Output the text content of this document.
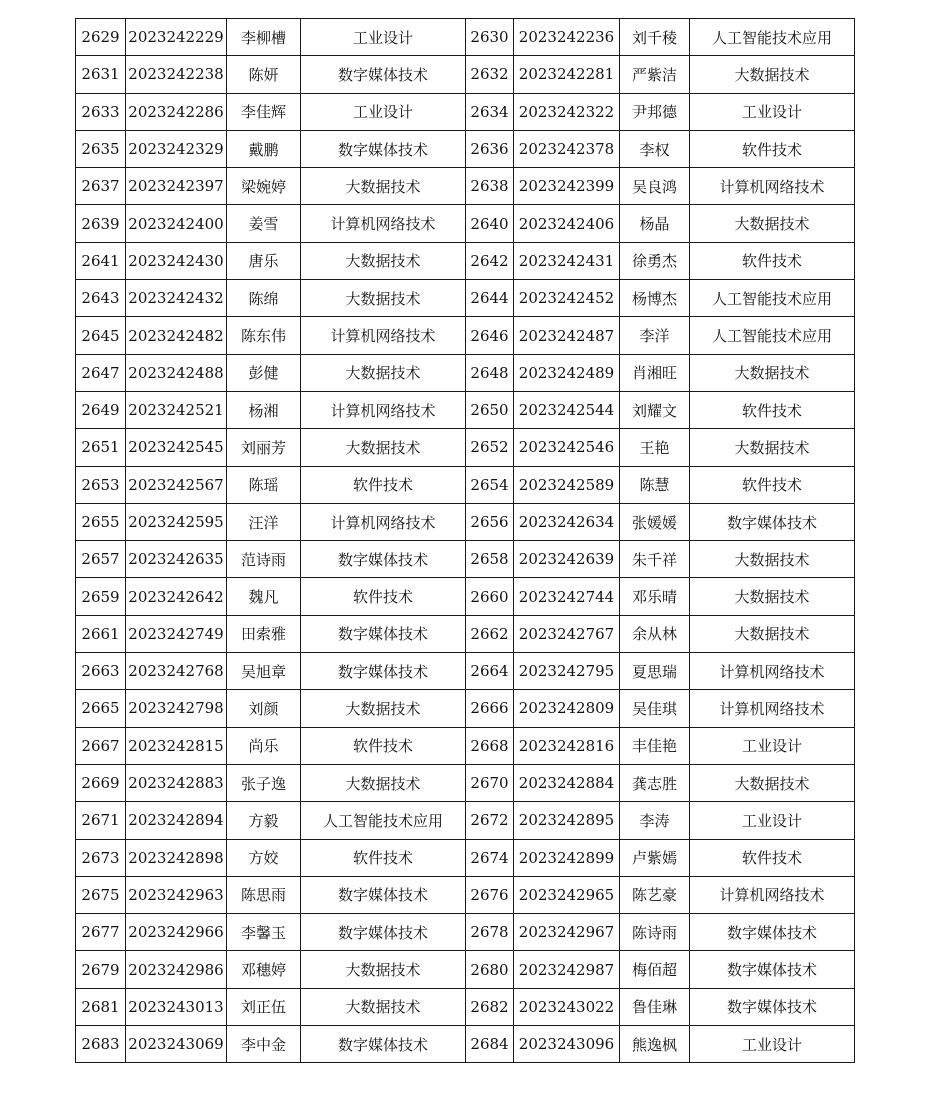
2629	2023242229	李柳槽	工业设计	2630	2023242236	刘千稜	人工智能技术应用
2631	2023242238	陈妍	数字媒体技术	2632	2023242281	严紫洁	大数据技术
2633	2023242286	李佳辉	工业设计	2634	2023242322	尹邦德	工业设计
2635	2023242329	戴鹏	数字媒体技术	2636	2023242378	李权	软件技术
2637	2023242397	梁婉婷	大数据技术	2638	2023242399	吴良鸿	计算机网络技术
2639	2023242400	姜雪	计算机网络技术	2640	2023242406	杨晶	大数据技术
2641	2023242430	唐乐	大数据技术	2642	2023242431	徐勇杰	软件技术
2643	2023242432	陈绵	大数据技术	2644	2023242452	杨博杰	人工智能技术应用
2645	2023242482	陈东伟	计算机网络技术	2646	2023242487	李洋	人工智能技术应用
2647	2023242488	彭健	大数据技术	2648	2023242489	肖湘旺	大数据技术
2649	2023242521	杨湘	计算机网络技术	2650	2023242544	刘耀文	软件技术
2651	2023242545	刘丽芳	大数据技术	2652	2023242546	王艳	大数据技术
2653	2023242567	陈瑶	软件技术	2654	2023242589	陈慧	软件技术
2655	2023242595	汪洋	计算机网络技术	2656	2023242634	张媛媛	数字媒体技术
2657	2023242635	范诗雨	数字媒体技术	2658	2023242639	朱千祥	大数据技术
2659	2023242642	魏凡	软件技术	2660	2023242744	邓乐晴	大数据技术
2661	2023242749	田索雅	数字媒体技术	2662	2023242767	余从林	大数据技术
2663	2023242768	吴旭章	数字媒体技术	2664	2023242795	夏思瑞	计算机网络技术
2665	2023242798	刘颜	大数据技术	2666	2023242809	吴佳琪	计算机网络技术
2667	2023242815	尚乐	软件技术	2668	2023242816	丰佳艳	工业设计
2669	2023242883	张子逸	大数据技术	2670	2023242884	龚志胜	大数据技术
2671	2023242894	方毅	人工智能技术应用	2672	2023242895	李涛	工业设计
2673	2023242898	方姣	软件技术	2674	2023242899	卢紫嫣	软件技术
2675	2023242963	陈思雨	数字媒体技术	2676	2023242965	陈艺豪	计算机网络技术
2677	2023242966	李馨玉	数字媒体技术	2678	2023242967	陈诗雨	数字媒体技术
2679	2023242986	邓穗婷	大数据技术	2680	2023242987	梅佰超	数字媒体技术
2681	2023243013	刘正伍	大数据技术	2682	2023243022	鲁佳琳	数字媒体技术
2683	2023243069	李中金	数字媒体技术	2684	2023243096	熊逸枫	工业设计
